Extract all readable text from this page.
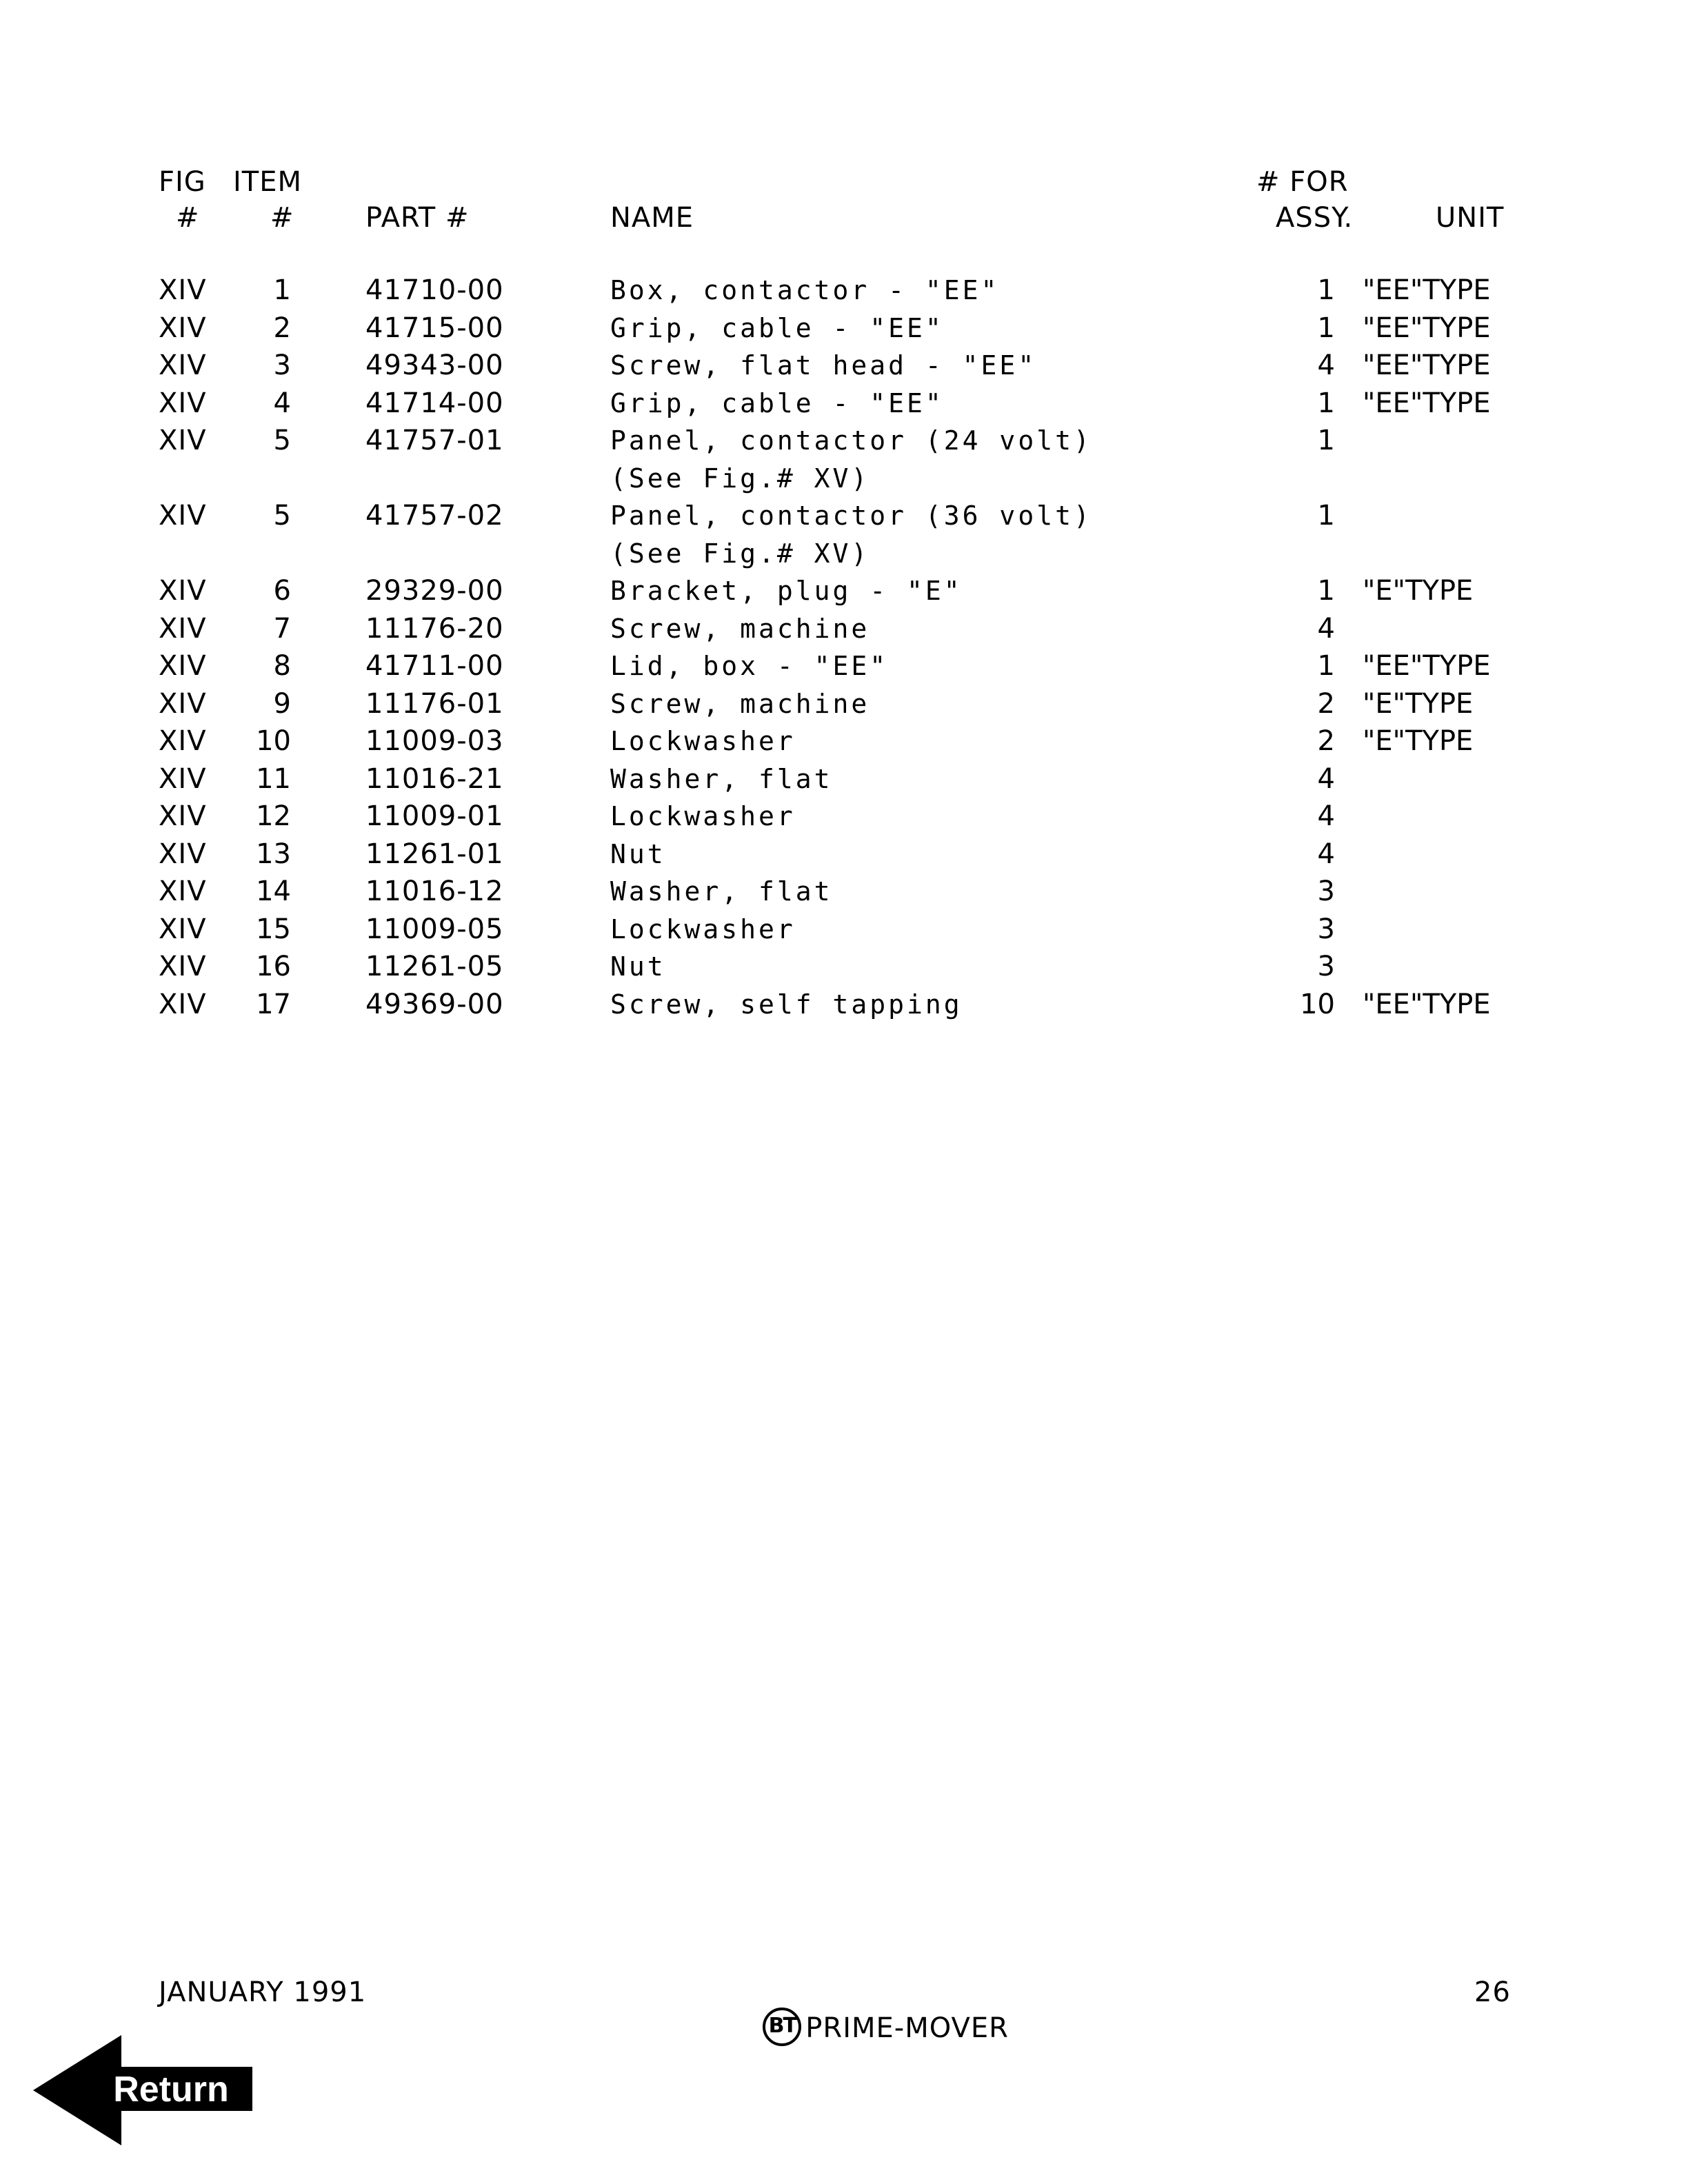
FIG ITEM	# FOR
#	#	PART #	NAME	ASSY.	UNIT
XIV	1	41710-00	Box, contactor - "EE"	1 "EE"TYPE
XIV	2	41715-00	Grip, cable - "EE"	1 "EE"TYPE
XIV	3	49343-00	Screw, flat head - "EE"	4 "EE"TYPE
XIV	4	41714-00	Grip, cable - "EE"	1 "EE"TYPE
XIV	5	41757-01	Panel, contactor (24 volt)	1
(See Fig.# XV)
XIV	5	41757-02	Panel, contactor (36 volt)	1
(See Fig.# XV)
XIV	6	29329-00	Bracket, plug - "E"	1 "E"TYPE
XIV	7	11176-20	Screw, machine	4
XIV	8	41711-00	Lid, box - "EE"	1 "EE"TYPE
XIV	9	11176-01	Screw, machine	2 "E"TYPE
XIV	10	11009-03	Lockwasher	2 "E"TYPE
XIV	11	11016-21	Washer, flat	4
XIV	12	11009-01	Lockwasher	4
XIV	13	11261-01	Nut	4
XIV	14	11016-12	Washer, flat	3
XIV	15	11009-05	Lockwasher	3
XIV	16	11261-05	Nut	3
XIV	17	49369-00	Screw, self tapping	10 "EE"TYPE
JANUARY 1991

BT PRIME-MOVER

26
Return
